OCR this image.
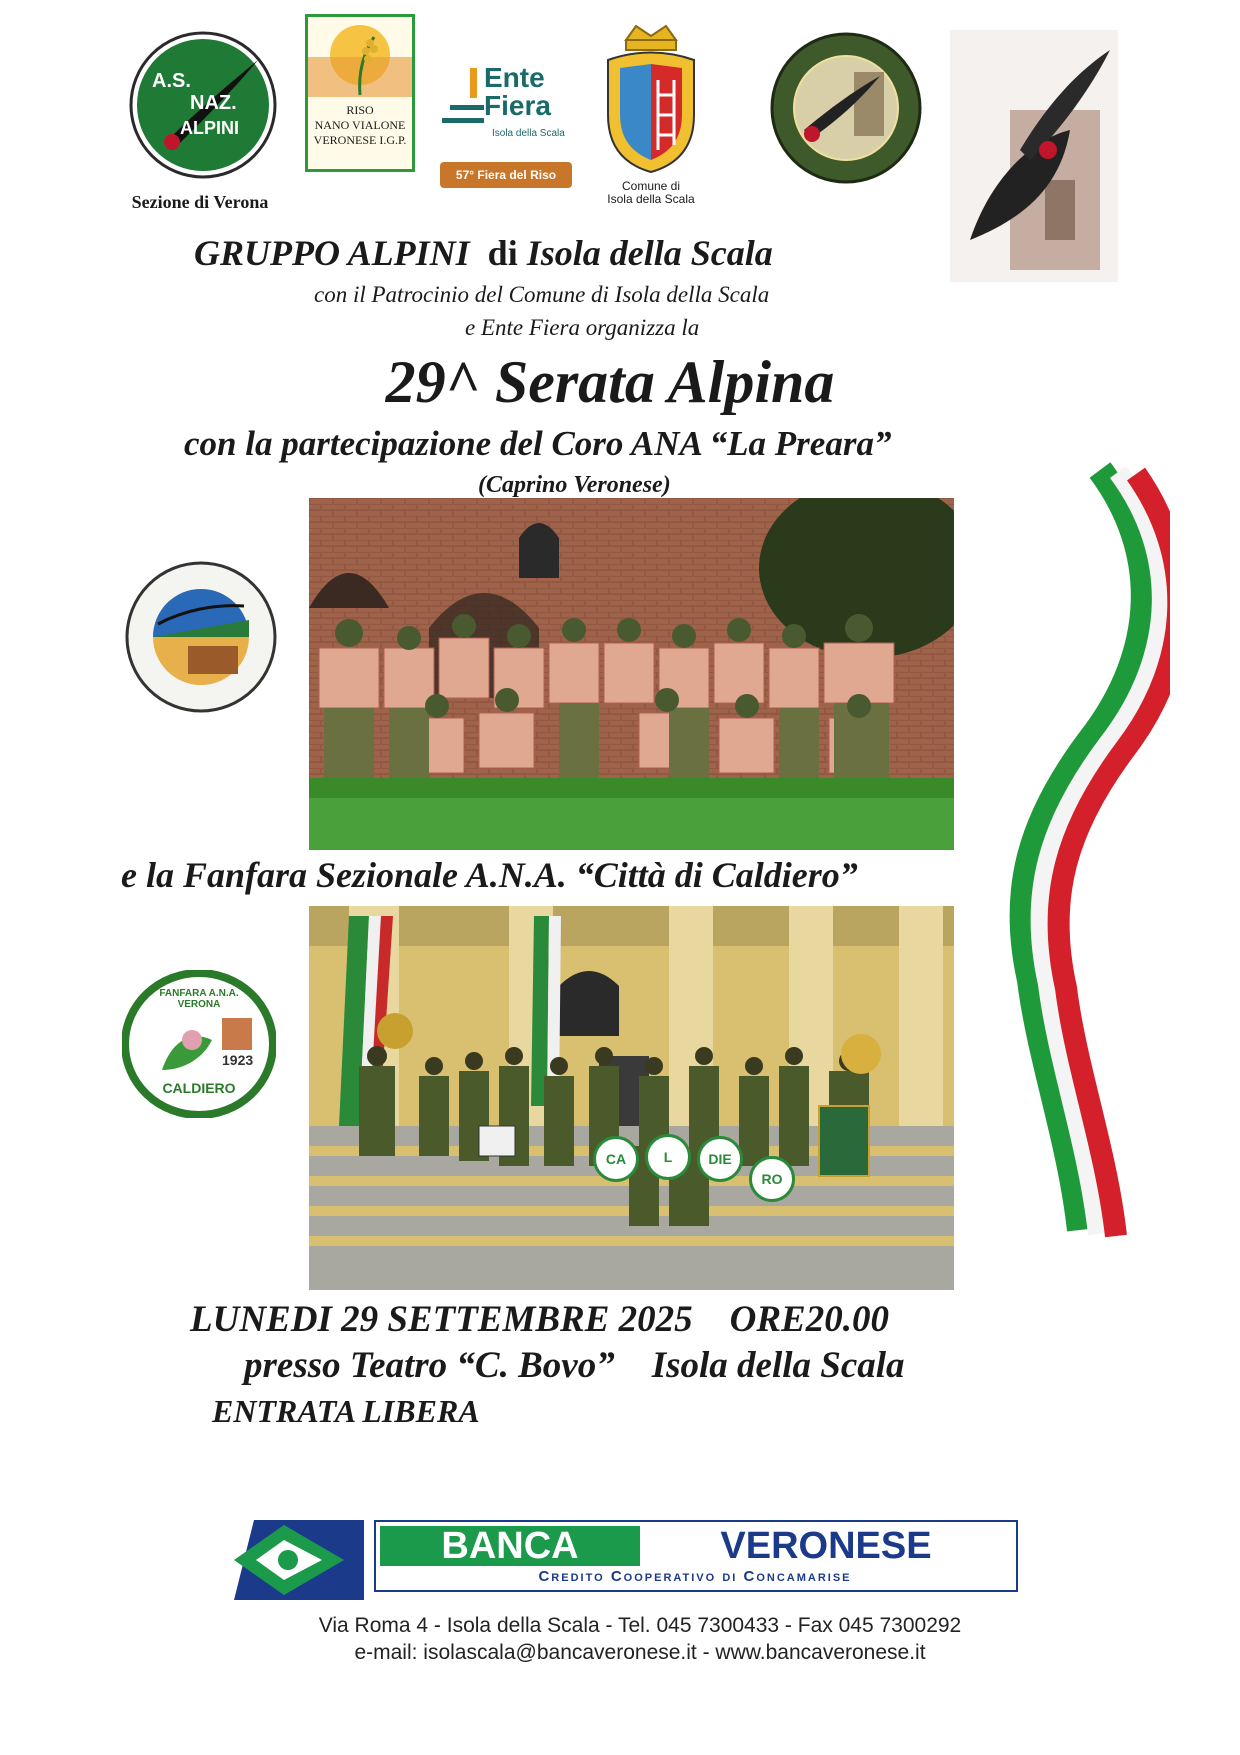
A.S.
NAZ.
ALPINI
Sezione di Verona
RISO
NANO VIALONE
VERONESE I.G.P.
Ente
Fiera
Isola della Scala
57° Fiera del Riso
Comune di
Isola della Scala
GRUPPO ALPINI di Isola della Scala
con il Patrocinio del Comune di Isola della Scala
e Ente Fiera organizza la
29^ Serata Alpina
con la partecipazione del Coro ANA “La Preara”
(Caprino Veronese)
e la Fanfara Sezionale A.N.A. “Città di Caldiero”
FANFARA A.N.A. VERONA
1923
CALDIERO
CA	L	DIE
RO
LUNEDI 29 SETTEMBRE 2025    ORE20.00
presso Teatro “C. Bovo”    Isola della Scala
ENTRATA LIBERA
BANCA	VERONESE
Credito Cooperativo di Concamarise
Via Roma 4 - Isola della Scala - Tel. 045 7300433 - Fax 045 7300292
e-mail: isolascala@bancaveronese.it - www.bancaveronese.it
